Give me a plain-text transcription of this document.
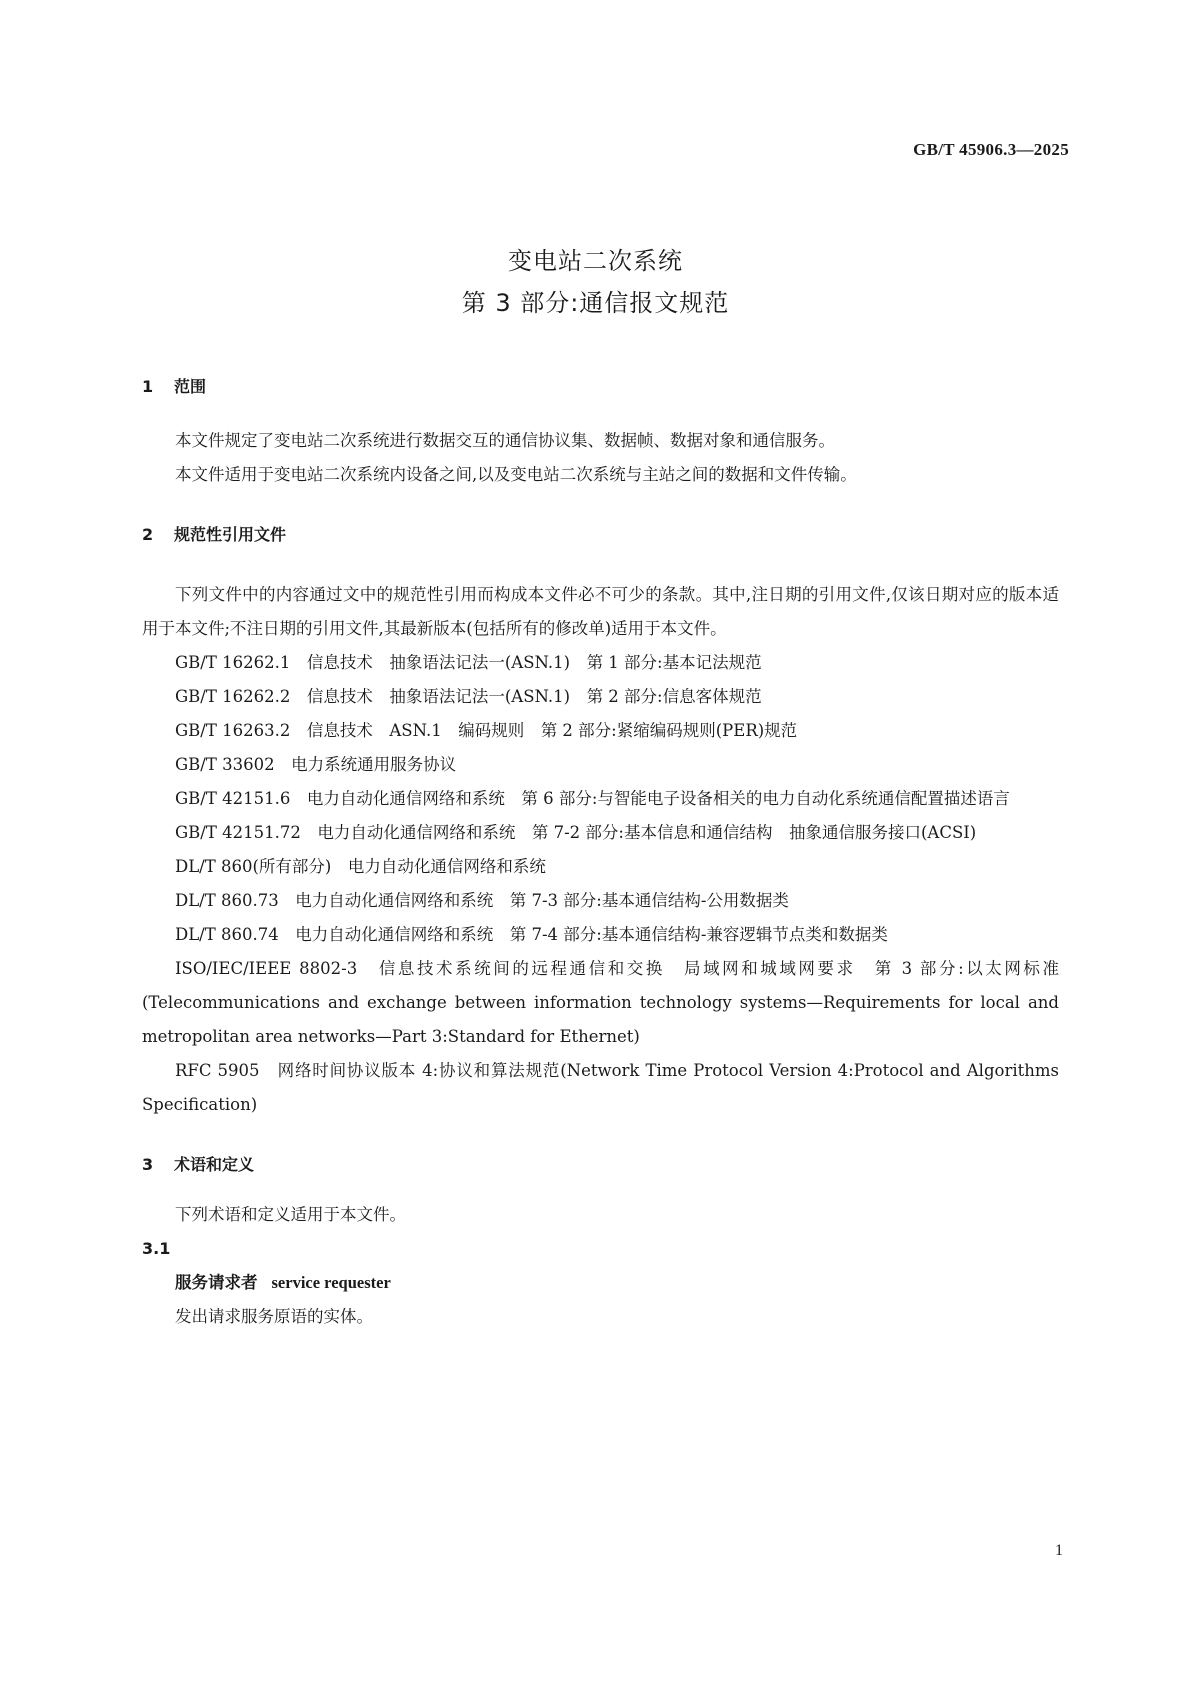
GB/T 45906.3—2025
变电站二次系统
第 3 部分:通信报文规范
1 范围
本文件规定了变电站二次系统进行数据交互的通信协议集、数据帧、数据对象和通信服务。
本文件适用于变电站二次系统内设备之间,以及变电站二次系统与主站之间的数据和文件传输。
2 规范性引用文件
下列文件中的内容通过文中的规范性引用而构成本文件必不可少的条款。其中,注日期的引用文件,仅该日期对应的版本适用于本文件;不注日期的引用文件,其最新版本(包括所有的修改单)适用于本文件。
GB/T 16262.1　信息技术　抽象语法记法一(ASN.1)　第 1 部分:基本记法规范
GB/T 16262.2　信息技术　抽象语法记法一(ASN.1)　第 2 部分:信息客体规范
GB/T 16263.2　信息技术　ASN.1　编码规则　第 2 部分:紧缩编码规则(PER)规范
GB/T 33602　电力系统通用服务协议
GB/T 42151.6　电力自动化通信网络和系统　第 6 部分:与智能电子设备相关的电力自动化系统通信配置描述语言
GB/T 42151.72　电力自动化通信网络和系统　第 7-2 部分:基本信息和通信结构　抽象通信服务接口(ACSI)
DL/T 860(所有部分)　电力自动化通信网络和系统
DL/T 860.73　电力自动化通信网络和系统　第 7-3 部分:基本通信结构-公用数据类
DL/T 860.74　电力自动化通信网络和系统　第 7-4 部分:基本通信结构-兼容逻辑节点类和数据类
ISO/IEC/IEEE 8802-3　信息技术系统间的远程通信和交换　局域网和城域网要求　第 3 部分:以太网标准(Telecommunications and exchange between information technology systems—Requirements for local and metropolitan area networks—Part 3:Standard for Ethernet)
RFC 5905　网络时间协议版本 4:协议和算法规范(Network Time Protocol Version 4:Protocol and Algorithms Specification)
3 术语和定义
下列术语和定义适用于本文件。
3.1
服务请求者 service requester
发出请求服务原语的实体。
1
